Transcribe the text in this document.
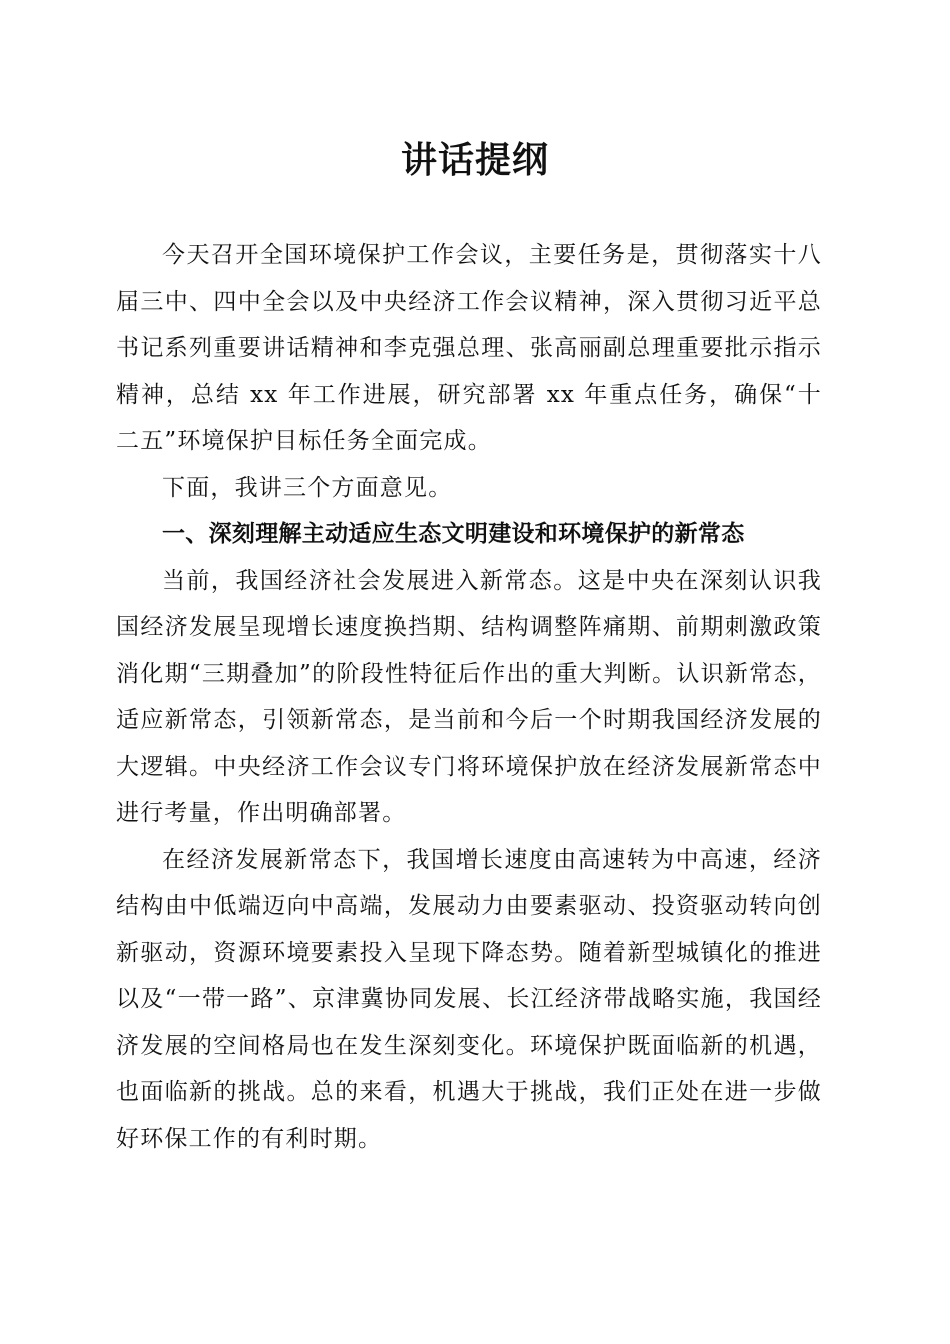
讲话提纲

今天召开全国环境保护工作会议，主要任务是，贯彻落实十八届三中、四中全会以及中央经济工作会议精神，深入贯彻习近平总书记系列重要讲话精神和李克强总理、张高丽副总理重要批示指示精神，总结 xx 年工作进展，研究部署 xx 年重点任务，确保“十二五”环境保护目标任务全面完成。

下面，我讲三个方面意见。

一、深刻理解主动适应生态文明建设和环境保护的新常态

当前，我国经济社会发展进入新常态。这是中央在深刻认识我国经济发展呈现增长速度换挡期、结构调整阵痛期、前期刺激政策消化期“三期叠加”的阶段性特征后作出的重大判断。认识新常态，适应新常态，引领新常态，是当前和今后一个时期我国经济发展的大逻辑。中央经济工作会议专门将环境保护放在经济发展新常态中进行考量，作出明确部署。

在经济发展新常态下，我国增长速度由高速转为中高速，经济结构由中低端迈向中高端，发展动力由要素驱动、投资驱动转向创新驱动，资源环境要素投入呈现下降态势。随着新型城镇化的推进以及“一带一路”、京津冀协同发展、长江经济带战略实施，我国经济发展的空间格局也在发生深刻变化。环境保护既面临新的机遇，也面临新的挑战。总的来看，机遇大于挑战，我们正处在进一步做好环保工作的有利时期。
